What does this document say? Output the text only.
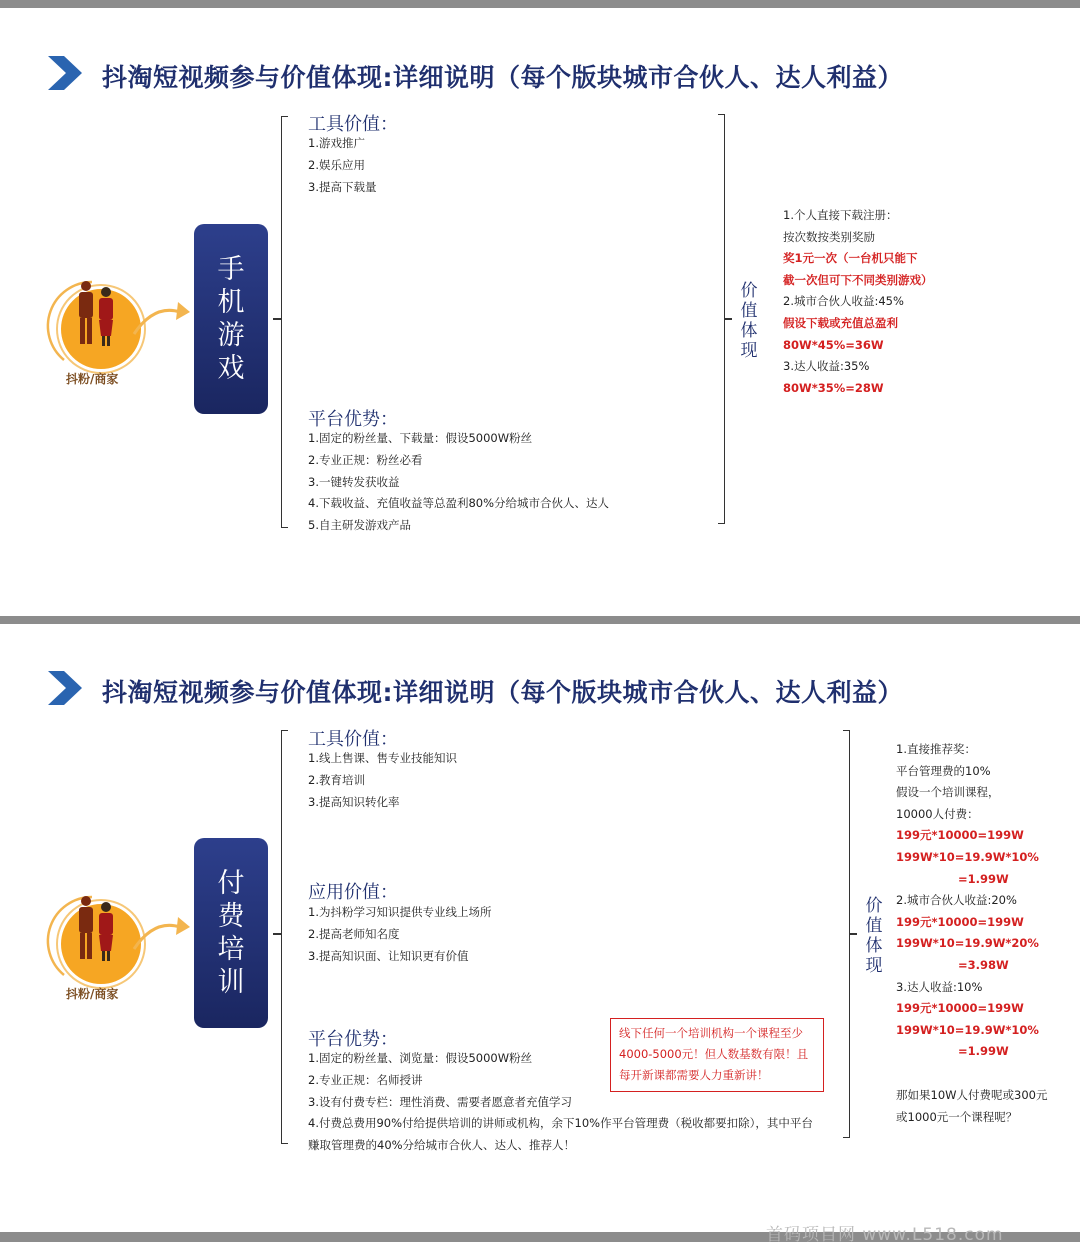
抖淘短视频参与价值体现:详细说明（每个版块城市合伙人、达人利益）
抖粉/商家
手
机
游
戏
工具价值：
1.游戏推广
2.娱乐应用
3.提高下载量
平台优势：
1.固定的粉丝量、下载量：假设5000W粉丝
2.专业正规：粉丝必看
3.一键转发获收益
4.下载收益、充值收益等总盈利80%分给城市合伙人、达人
5.自主研发游戏产品
价值体现
1.个人直接下载注册：
按次数按类别奖励
奖1元一次（一台机只能下
截一次但可下不同类别游戏）
2.城市合伙人收益:45%
假设下载或充值总盈利
80W*45%=36W
3.达人收益:35%
80W*35%=28W
抖淘短视频参与价值体现:详细说明（每个版块城市合伙人、达人利益）
抖粉/商家
付
费
培
训
工具价值：
1.线上售课、售专业技能知识
2.教育培训
3.提高知识转化率
应用价值：
1.为抖粉学习知识提供专业线上场所
2.提高老师知名度
3.提高知识面、让知识更有价值
平台优势：
1.固定的粉丝量、浏览量：假设5000W粉丝
2.专业正规：名师授讲
3.设有付费专栏：理性消费、需要者愿意者充值学习
4.付费总费用90%付给提供培训的讲师或机构，余下10%作平台管理费（税收都要扣除），其中平台
赚取管理费的40%分给城市合伙人、达人、推荐人！
线下任何一个培训机构一个课程至少
4000-5000元！但人数基数有限！且
每开新课都需要人力重新讲！
价值体现
1.直接推荐奖：
平台管理费的10%
假设一个培训课程，
10000人付费：
199元*10000=199W
199W*10=19.9W*10%
=1.99W
2.城市合伙人收益:20%
199元*10000=199W
199W*10=19.9W*20%
=3.98W
3.达人收益:10%
199元*10000=199W
199W*10=19.9W*10%
=1.99W
那如果10W人付费呢或300元
或1000元一个课程呢？
首码项目网 www.L518.com
